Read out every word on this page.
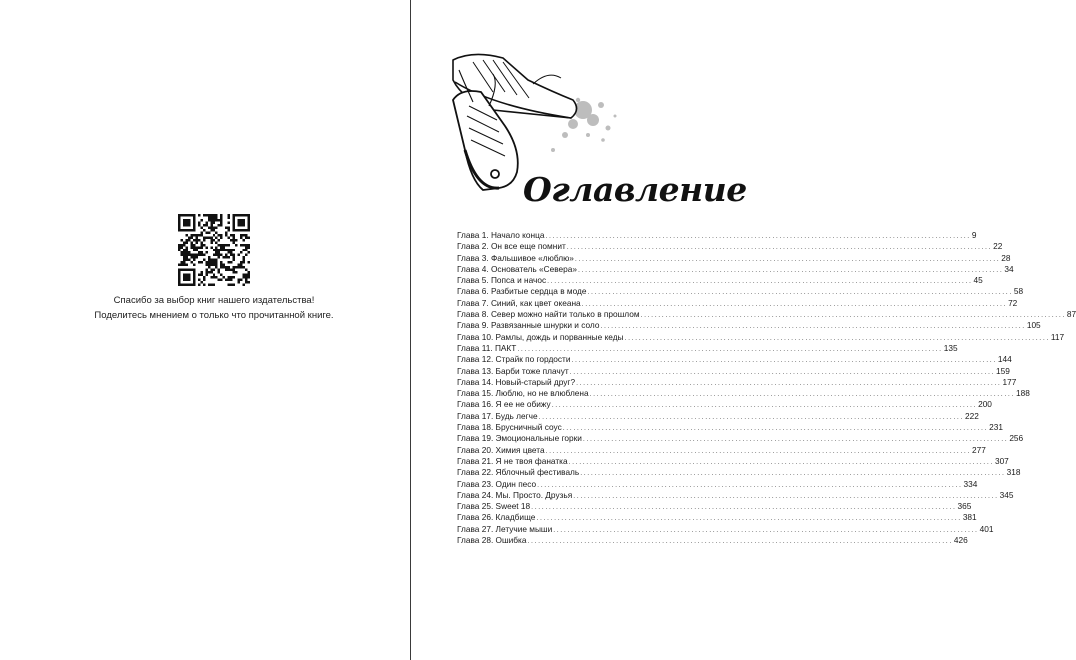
Спасибо за выбор книг нашего издательства!
Поделитесь мнением о только что прочитанной книге.
Оглавление
Глава 1. Начало конца ........................................................................................................................ 9
Глава 2. Он все еще помнит ........................................................................................................................ 22
Глава 3. Фальшивое «люблю» ........................................................................................................................ 28
Глава 4. Основатель «Севера» ........................................................................................................................ 34
Глава 5. Попса и начос ........................................................................................................................ 45
Глава 6. Разбитые сердца в моде ........................................................................................................................ 58
Глава 7. Синий, как цвет океана ........................................................................................................................ 72
Глава 8. Север можно найти только в прошлом ........................................................................................................................ 87
Глава 9. Развязанные шнурки и соло ........................................................................................................................ 105
Глава 10. Рамлы, дождь и порванные кеды ........................................................................................................................ 117
Глава 11. ПАКТ ........................................................................................................................ 135
Глава 12. Страйк по гордости ........................................................................................................................ 144
Глава 13. Барби тоже плачут ........................................................................................................................ 159
Глава 14. Новый-старый друг? ........................................................................................................................ 177
Глава 15. Люблю, но не влюблена ........................................................................................................................ 188
Глава 16. Я ее не обижу ........................................................................................................................ 200
Глава 17. Будь легче ........................................................................................................................ 222
Глава 18. Брусничный соус ........................................................................................................................ 231
Глава 19. Эмоциональные горки ........................................................................................................................ 256
Глава 20. Химия цвета ........................................................................................................................ 277
Глава 21. Я не твоя фанатка ........................................................................................................................ 307
Глава 22. Яблочный фестиваль ........................................................................................................................ 318
Глава 23. Один песо ........................................................................................................................ 334
Глава 24. Мы. Просто. Друзья ........................................................................................................................ 345
Глава 25. Sweet 18 ........................................................................................................................ 365
Глава 26. Кладбище ........................................................................................................................ 381
Глава 27. Летучие мыши ........................................................................................................................ 401
Глава 28. Ошибка ........................................................................................................................ 426
